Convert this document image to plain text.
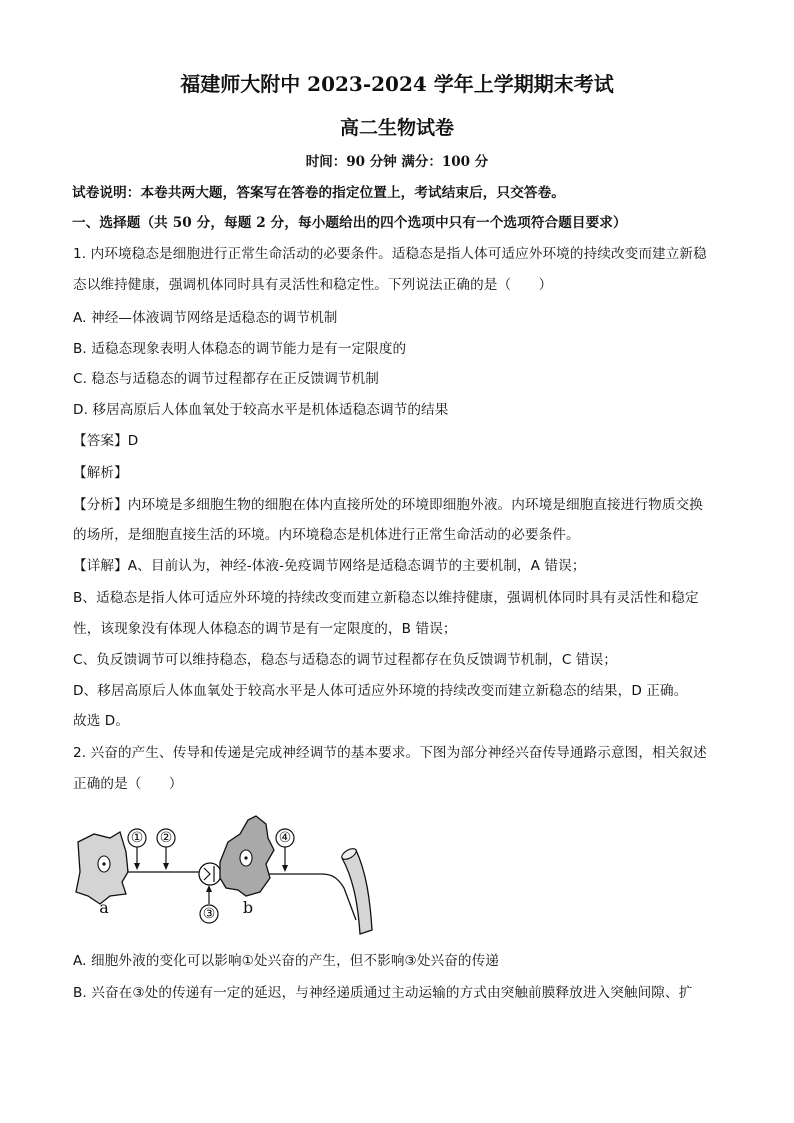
福建师大附中 2023-2024 学年上学期期末考试
高二生物试卷
时间：90 分钟 满分：100 分
试卷说明：本卷共两大题，答案写在答卷的指定位置上，考试结束后，只交答卷。
一、选择题（共 50 分，每题 2 分，每小题给出的四个选项中只有一个选项符合题目要求）
1. 内环境稳态是细胞进行正常生命活动的必要条件。适稳态是指人体可适应外环境的持续改变而建立新稳
态以维持健康，强调机体同时具有灵活性和稳定性。下列说法正确的是（　　）
A. 神经—体液调节网络是适稳态的调节机制
B. 适稳态现象表明人体稳态的调节能力是有一定限度的
C. 稳态与适稳态的调节过程都存在正反馈调节机制
D. 移居高原后人体血氧处于较高水平是机体适稳态调节的结果
【答案】D
【解析】
【分析】内环境是多细胞生物的细胞在体内直接所处的环境即细胞外液。内环境是细胞直接进行物质交换
的场所，是细胞直接生活的环境。内环境稳态是机体进行正常生命活动的必要条件。
【详解】A、目前认为，神经-体液-免疫调节网络是适稳态调节的主要机制，A 错误；
B、适稳态是指人体可适应外环境的持续改变而建立新稳态以维持健康，强调机体同时具有灵活性和稳定
性，该现象没有体现人体稳态的调节是有一定限度的，B 错误；
C、负反馈调节可以维持稳态，稳态与适稳态的调节过程都存在负反馈调节机制，C 错误；
D、移居高原后人体血氧处于较高水平是人体可适应外环境的持续改变而建立新稳态的结果，D 正确。
故选 D。
2. 兴奋的产生、传导和传递是完成神经调节的基本要求。下图为部分神经兴奋传导通路示意图，相关叙述
正确的是（　　）
① ②	④
③
a	b
A. 细胞外液的变化可以影响①处兴奋的产生，但不影响③处兴奋的传递
B. 兴奋在③处的传递有一定的延迟，与神经递质通过主动运输的方式由突触前膜释放进入突触间隙、扩
